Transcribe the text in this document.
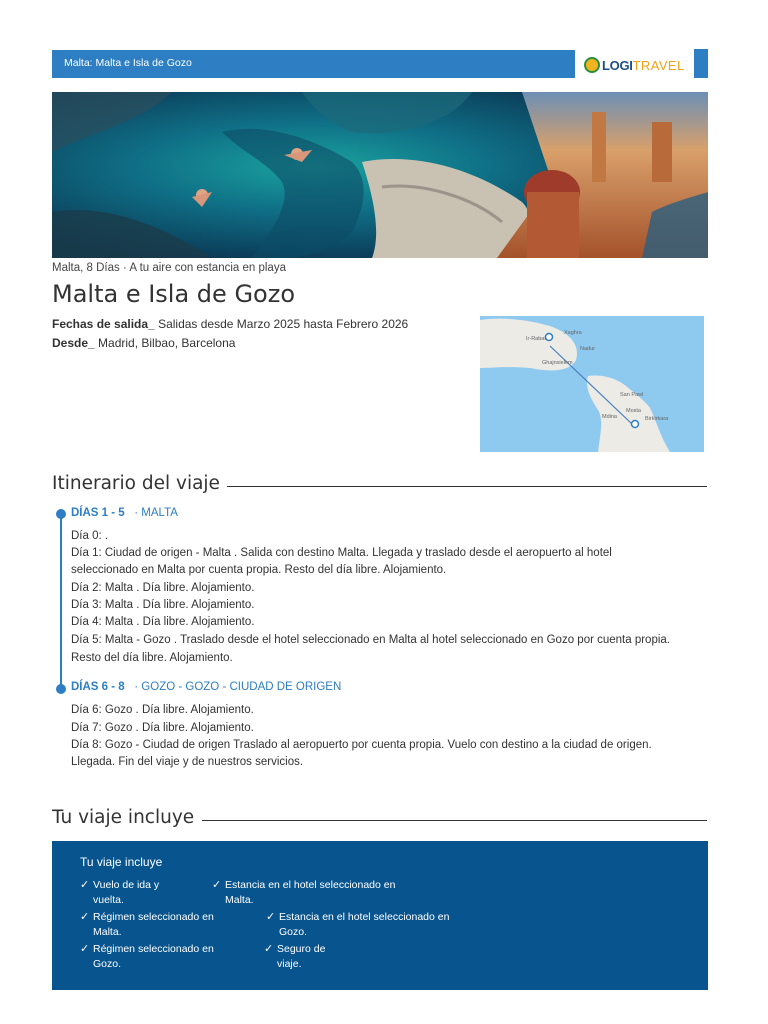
Malta: Malta e Isla de Gozo	LOGI TRAVEL
Malta, 8 Días · A tu aire con estancia en playa
Malta e Isla de Gozo
Fechas de salida_ Salidas desde Marzo 2025 hasta Febrero 2026
Desde_ Madrid, Bilbao, Barcelona	Ir-Rabat
Ghajnsielem
Xagħra
Nadur
San Pawl
Mosta
Mdina	Birkirkara
Itinerario del viaje
DÍAS 1 - 5 · MALTA
Día 0: .
Día 1: Ciudad de origen - Malta . Salida con destino Malta. Llegada y traslado desde el aeropuerto al hotel
seleccionado en Malta por cuenta propia. Resto del día libre. Alojamiento.
Día 2: Malta . Día libre. Alojamiento.
Día 3: Malta . Día libre. Alojamiento.
Día 4: Malta . Día libre. Alojamiento.
Día 5: Malta - Gozo . Traslado desde el hotel seleccionado en Malta al hotel seleccionado en Gozo por cuenta propia.
Resto del día libre. Alojamiento.
DÍAS 6 - 8 · GOZO - GOZO - CIUDAD DE ORIGEN
Día 6: Gozo . Día libre. Alojamiento.
Día 7: Gozo . Día libre. Alojamiento.
Día 8: Gozo - Ciudad de origen Traslado al aeropuerto por cuenta propia. Vuelo con destino a la ciudad de origen.
Llegada. Fin del viaje y de nuestros servicios.
Tu viaje incluye
Tu viaje incluye
✓ Vuelo de ida y
vuelta.
✓ Estancia en el hotel seleccionado en
Malta.
✓ Régimen seleccionado en
Malta.
✓ Estancia en el hotel seleccionado en
Gozo.
✓ Régimen seleccionado en
Gozo.
✓ Seguro de
viaje.
